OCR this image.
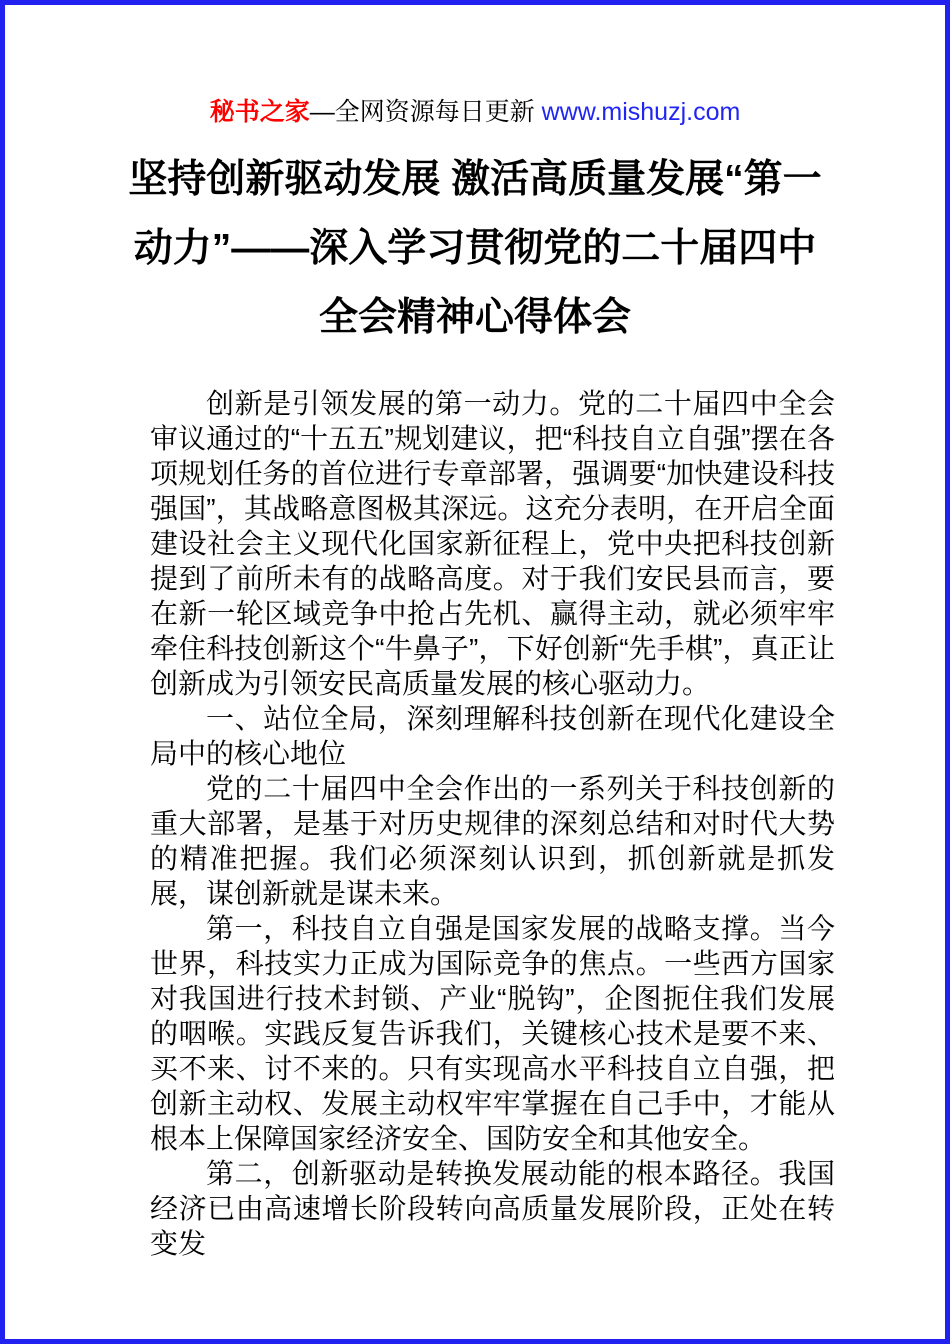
秘书之家—全网资源每日更新 www.mishuzj.com
坚持创新驱动发展 激活高质量发展“第一
动力”——深入学习贯彻党的二十届四中
全会精神心得体会

创新是引领发展的第一动力。党的二十届四中全会审议通过的“十五五”规划建议，把“科技自立自强”摆在各项规划任务的首位进行专章部署，强调要“加快建设科技强国”，其战略意图极其深远。这充分表明，在开启全面建设社会主义现代化国家新征程上，党中央把科技创新提到了前所未有的战略高度。对于我们安民县而言，要在新一轮区域竞争中抢占先机、赢得主动，就必须牢牢牵住科技创新这个“牛鼻子”，下好创新“先手棋”，真正让创新成为引领安民高质量发展的核心驱动力。

一、站位全局，深刻理解科技创新在现代化建设全局中的核心地位

党的二十届四中全会作出的一系列关于科技创新的重大部署，是基于对历史规律的深刻总结和对时代大势的精准把握。我们必须深刻认识到，抓创新就是抓发展，谋创新就是谋未来。

第一，科技自立自强是国家发展的战略支撑。当今世界，科技实力正成为国际竞争的焦点。一些西方国家对我国进行技术封锁、产业“脱钩”，企图扼住我们发展的咽喉。实践反复告诉我们，关键核心技术是要不来、买不来、讨不来的。只有实现高水平科技自立自强，把创新主动权、发展主动权牢牢掌握在自己手中，才能从根本上保障国家经济安全、国防安全和其他安全。

第二，创新驱动是转换发展动能的根本路径。我国经济已由高速增长阶段转向高质量发展阶段，正处在转变发
